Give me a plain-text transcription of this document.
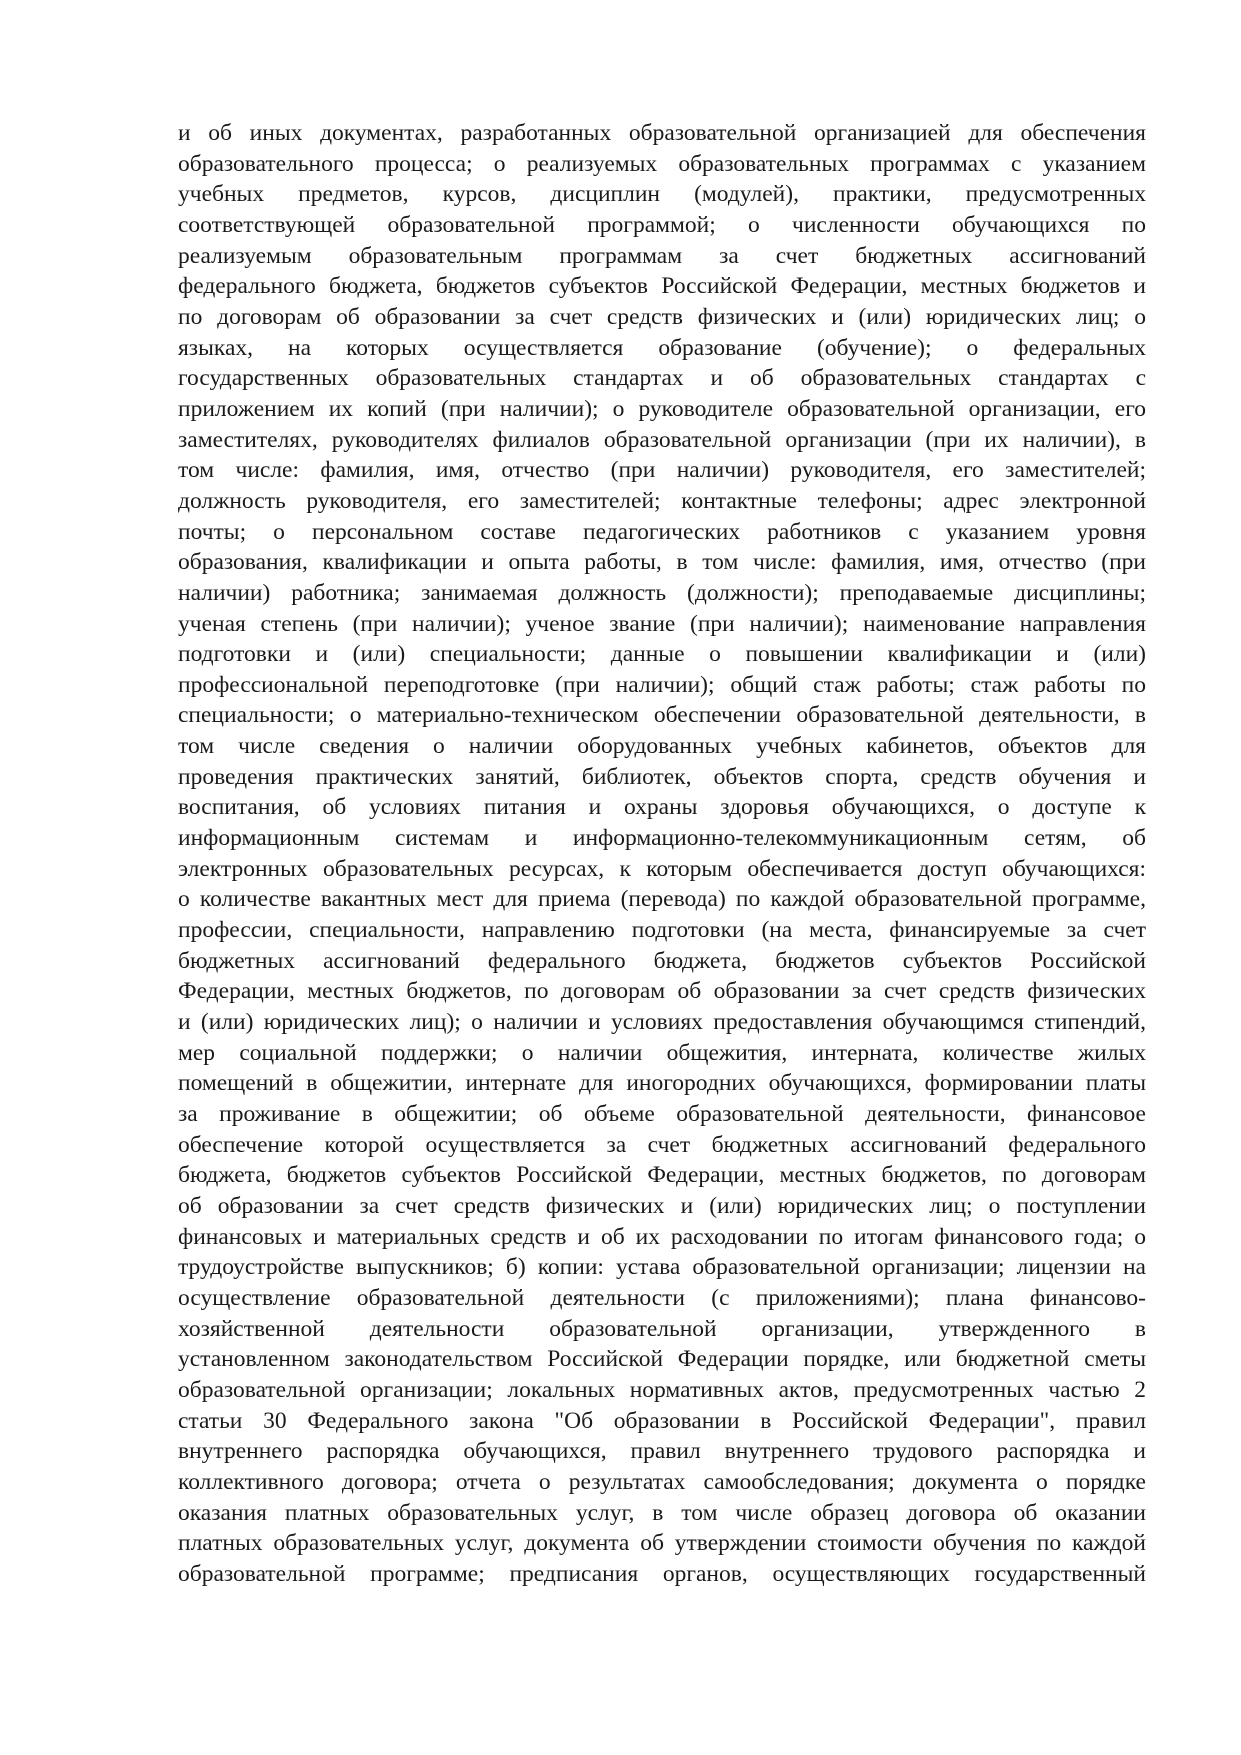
и об иных документах, разработанных образовательной организацией для обеспечения
образовательного процесса; о реализуемых образовательных программах с указанием
учебных предметов, курсов, дисциплин (модулей), практики, предусмотренных
соответствующей образовательной программой; о численности обучающихся по
реализуемым образовательным программам за счет бюджетных ассигнований
федерального бюджета, бюджетов субъектов Российской Федерации, местных бюджетов и
по договорам об образовании за счет средств физических и (или) юридических лиц; о
языках, на которых осуществляется образование (обучение); о федеральных
государственных образовательных стандартах и об образовательных стандартах с
приложением их копий (при наличии); о руководителе образовательной организации, его
заместителях, руководителях филиалов образовательной организации (при их наличии), в
том числе: фамилия, имя, отчество (при наличии) руководителя, его заместителей;
должность руководителя, его заместителей; контактные телефоны; адрес электронной
почты; о персональном составе педагогических работников с указанием уровня
образования, квалификации и опыта работы, в том числе: фамилия, имя, отчество (при
наличии) работника; занимаемая должность (должности); преподаваемые дисциплины;
ученая степень (при наличии); ученое звание (при наличии); наименование направления
подготовки и (или) специальности; данные о повышении квалификации и (или)
профессиональной переподготовке (при наличии); общий стаж работы; стаж работы по
специальности; о материально-техническом обеспечении образовательной деятельности, в
том числе сведения о наличии оборудованных учебных кабинетов, объектов для
проведения практических занятий, библиотек, объектов спорта, средств обучения и
воспитания, об условиях питания и охраны здоровья обучающихся, о доступе к
информационным системам и информационно-телекоммуникационным сетям, об
электронных образовательных ресурсах, к которым обеспечивается доступ обучающихся:
о количестве вакантных мест для приема (перевода) по каждой образовательной программе,
профессии, специальности, направлению подготовки (на места, финансируемые за счет
бюджетных ассигнований федерального бюджета, бюджетов субъектов Российской
Федерации, местных бюджетов, по договорам об образовании за счет средств физических
и (или) юридических лиц); о наличии и условиях предоставления обучающимся стипендий,
мер социальной поддержки; о наличии общежития, интерната, количестве жилых
помещений в общежитии, интернате для иногородних обучающихся, формировании платы
за проживание в общежитии; об объеме образовательной деятельности, финансовое
обеспечение которой осуществляется за счет бюджетных ассигнований федерального
бюджета, бюджетов субъектов Российской Федерации, местных бюджетов, по договорам
об образовании за счет средств физических и (или) юридических лиц; о поступлении
финансовых и материальных средств и об их расходовании по итогам финансового года; о
трудоустройстве выпускников; б) копии: устава образовательной организации; лицензии на
осуществление образовательной деятельности (с приложениями); плана финансово-
хозяйственной деятельности образовательной организации, утвержденного в
установленном законодательством Российской Федерации порядке, или бюджетной сметы
образовательной организации; локальных нормативных актов, предусмотренных частью 2
статьи 30 Федерального закона "Об образовании в Российской Федерации", правил
внутреннего распорядка обучающихся, правил внутреннего трудового распорядка и
коллективного договора; отчета о результатах самообследования; документа о порядке
оказания платных образовательных услуг, в том числе образец договора об оказании
платных образовательных услуг, документа об утверждении стоимости обучения по каждой
образовательной программе; предписания органов, осуществляющих государственный
